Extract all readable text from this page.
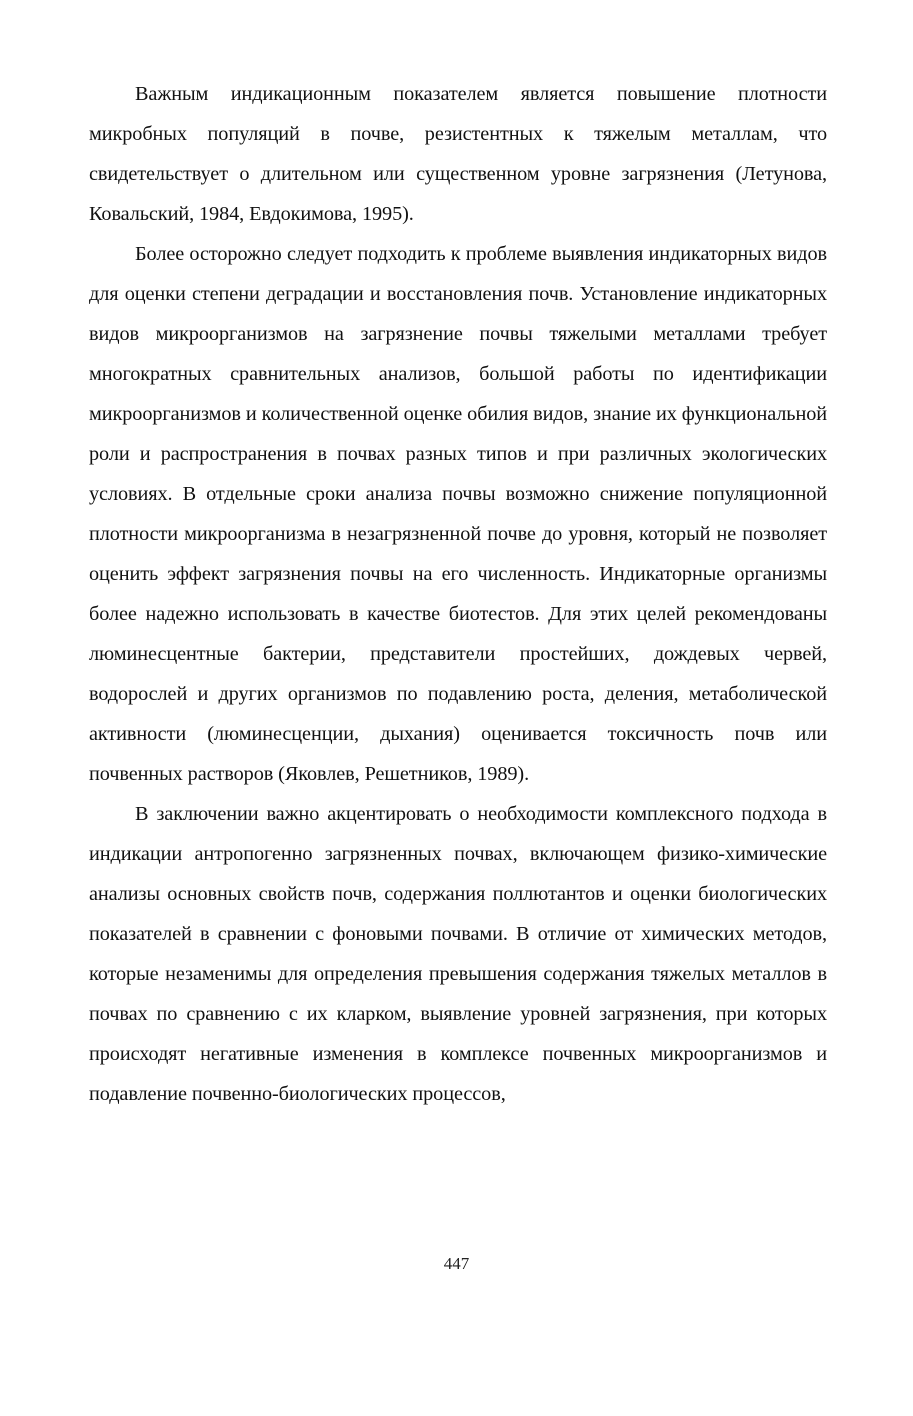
Важным индикационным показателем является повышение плотности микробных популяций в почве, резистентных к тяжелым металлам, что свидетельствует о длительном или существенном уровне загрязнения (Летунова, Ковальский, 1984, Евдокимова, 1995).

Более осторожно следует подходить к проблеме выявления индикаторных видов для оценки степени деградации и восстановления почв. Установление индикаторных видов микроорганизмов на загрязнение почвы тяжелыми металлами требует многократных сравнительных анализов, большой работы по идентификации микроорганизмов и количественной оценке обилия видов, знание их функциональной роли и распространения в почвах разных типов и при различных экологических условиях. В отдельные сроки анализа почвы возможно снижение популяционной плотности микроорганизма в незагрязненной почве до уровня, который не позволяет оценить эффект загрязнения почвы на его численность. Индикаторные организмы более надежно использовать в качестве биотестов. Для этих целей рекомендованы люминесцентные бактерии, представители простейших, дождевых червей, водорослей и других организмов по подавлению роста, деления, метаболической активности (люминесценции, дыхания) оценивается токсичность почв или почвенных растворов (Яковлев, Решетников, 1989).

В заключении важно акцентировать о необходимости комплексного подхода в индикации антропогенно загрязненных почвах, включающем физико-химические анализы основных свойств почв, содержания поллютантов и оценки биологических показателей в сравнении с фоновыми почвами. В отличие от химических методов, которые незаменимы для определения превышения содержания тяжелых металлов в почвах по сравнению с их кларком, выявление уровней загрязнения, при которых происходят негативные изменения в комплексе почвенных микроорганизмов и подавление почвенно-биологических процессов,

447
